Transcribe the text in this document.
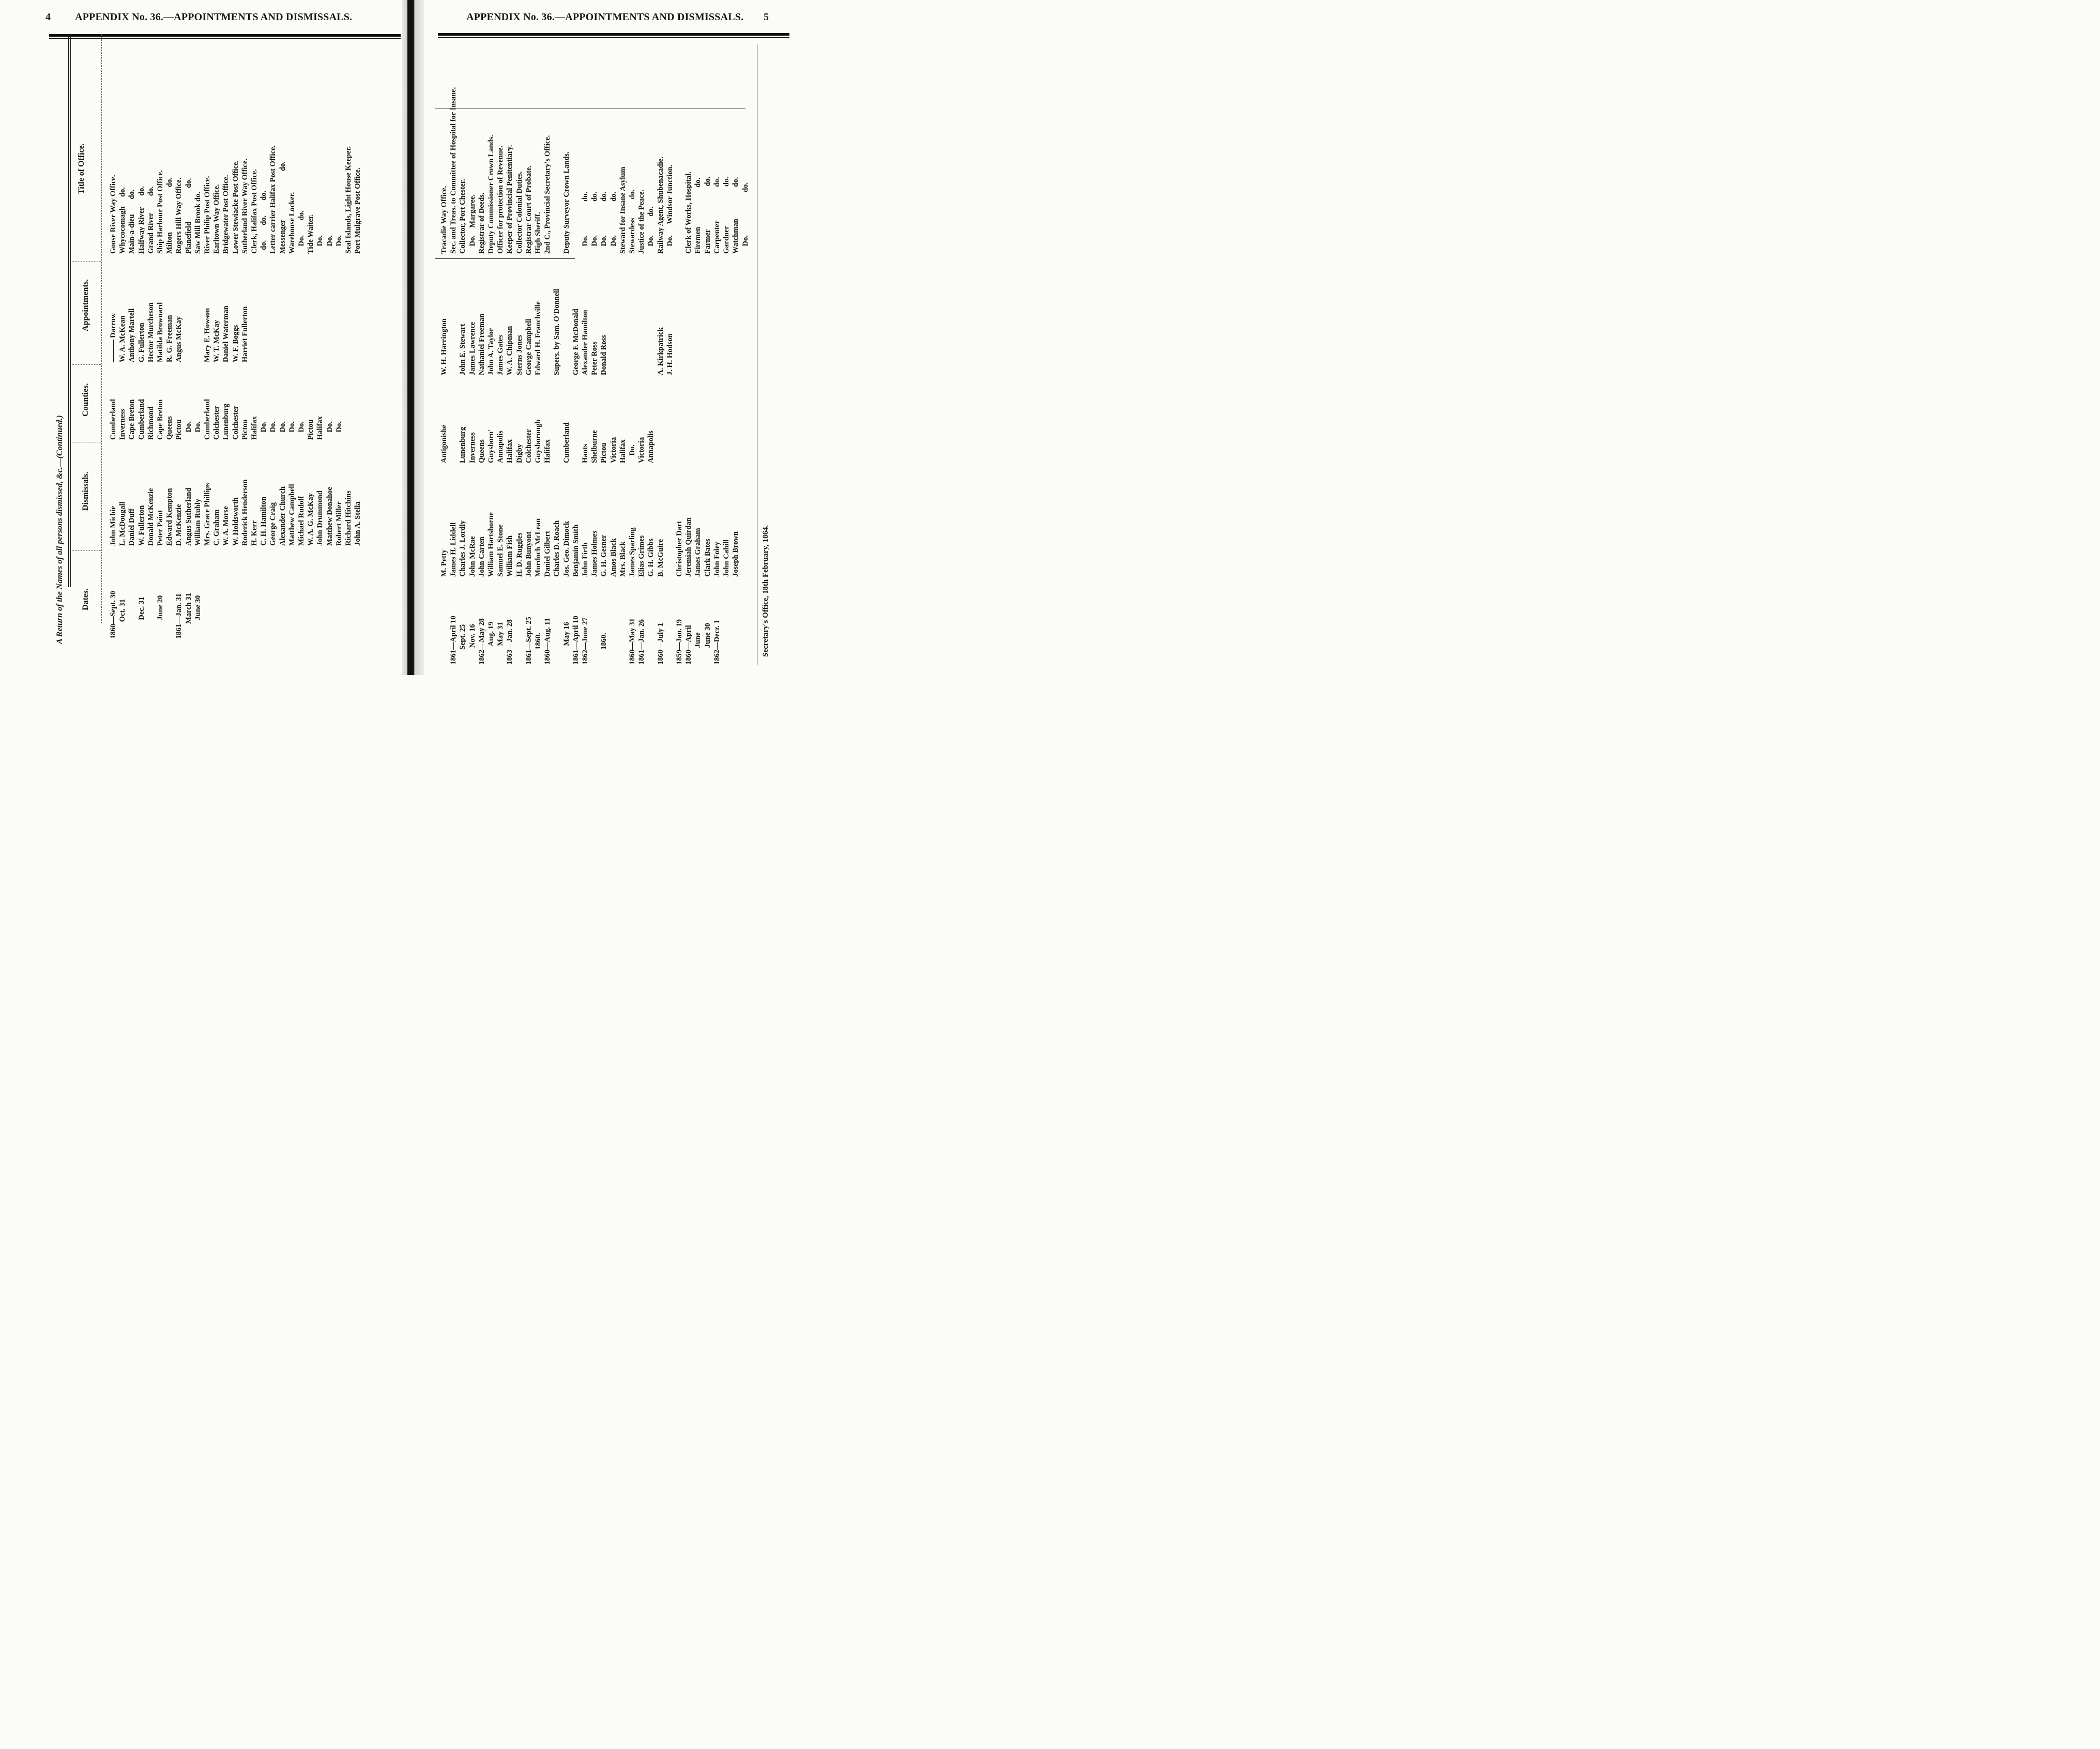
4 APPENDIX No. 36.—APPOINTMENTS AND DISMISSALS.
A Return of the Names of all persons dismissed, &c.—(Continued.) Dates.
Dismissals.
Counties.
Appointments.
Title of Office.
1860—Sept. 30
Oct. 31

Dec. 31

June 20

1861—Jan. 31
March 31
June 30
John Michie
L. McDougall
Daniel Duff
W. Fullerton
Donald McKenzie
Peter Paint
Edward Kempton
D. McKenzie
Angus Sutherland
William Rubly
Mrs. Grace Phillips
C. Graham
W. A. Morse
W. Holdsworth
Roderick Henderson
H. Kerr
C. H. Hamilton
George Craig
Alexander Church
Matthew Campbell
Michael Rudolf
W. A. G. McKay
John Drummond
Matthew Donahoe
Robert Miller
Richard Hitchins
John A. Stella
Cumberland
Inverness
Cape Breton
Cumberland
Richmond
Cape Breton
Queens
Pictou
Do.
Do.
Cumberland
Colchester
Lunenburg
Colchester
Pictou
Halifax
Do.
Do.
Do.
Do.
Do.
Pictou
Halifax
Do.
Do.
——— Darrow
W. A. McKean
Anthony Martell
G. Fullerton
Hector Murcheson
Matilda Brownard
R. G. Freeman
Angus McKay

Mary E. Howson
W. T. McKay
Daniel Waterman
W. F. Boggs
Harriet Fullerton
Goose River Way Office.
Whycocomagh     do.
Main-a-dieu        do.
Halfway River      do.
Grand River         do.
Ship Harbour Post Office.
Milton                        do.
Rogers Hill Way Office.
Planefield                  do.
Saw Mill Brook do.
River Philip Post Office.
Earltown Way Office.
Bridgewater Post Office.
Lower Stewiacke Post Office.
Sutherland River Way Office.
Clerk, Halifax Post Office.
do.        do.        do.
Letter carrier Halifax Post Office.
Messenger                          do.
Warehouse Locker.
Do.        do.
Tide Waiter.
Do.
Do.
Do.
Seal Islands, Light House Keeper.
Port Mulgrave Post Office.
APPENDIX No. 36.—APPOINTMENTS AND DISMISSALS. 5

1861—April 10
Sept. 25
Nov. 16
1862—May 28
Aug. 19
May 31
1863—Jan. 28

1861—Sept. 25
1860.
1860—Aug. 11

May 16
1861—April 10
1862—June 27

1860.

1860—May 31
1861—Jan. 26

1860—July 1

1859—Jan. 19
1860—April
June
June 30
1862—Decr. 1
M. Petty
James H. Liddell
Charles J. Lordly
John McRae
John Carten
William Hartshorne
Samuel E. Stone
William Fish
H. D. Ruggles
John Bunyont
Murdoch McLean
Daniel Gilbert
Charles D. Roach
Jos. Geo. Dimock
Benjamin Smith
John Firth
James Holmes
G. H. Gesner
Amos Black
Mrs. Black
James Sparling
Elias Grimes
G. H. Gibbs
B. McGuire

Christopher Dart
Jeremiah Quirdan
James Graham
Clark Bates
John Foley
John Cahill
Joseph Brown
Antigonishe

Lunenburg
Inverness
Queens
Guysboro'
Annapolis
Halifax
Digby
Colchester
Guysborough
Halifax

Cumberland

Hants
Shelburne
Pictou
Victoria
Halifax
Do.
Victoria
Annapolis
W. H. Harrington

John E. Stewart
James Lawrence
Nathaniel Freeman
John A. Taylor
James Gates
W. A. Chipman
Sterns Jones
George Campbell
Edward H. Franchville

Supers. by Sam. O'Donnell

George F. McDonald
Alexander Hamilton
Peter Ross
Donald Ross

A. Kirkpatrick
J. H. Hodson
Tracadie Way Office.
Sec. and Treas. to Committee of Hospital for Insane.
Collector, Port Chester.
Do.    Margaree.
Registrar of Deeds.
Deputy Commissioner Crown Lands.
Officer for protection of Revenue.
Keeper of Provincial Penitentiary.
Collector Colonial Duties.
Registrar Court of Probate.
High Sheriff.
2nd C., Provincial Secretary's Office.

Deputy Surveyor Crown Lands.

Do.                  do.
Do.                  do.
Do.                  do.
Do.                  do.
Steward for Insane Asylum
Stewardess          do.
Justice of the Peace.
Do.          do.
Railway Agent, Shubenacadie.
Do.      Windsor Junction.

Clerk of Works, Hospital.
Firemen                     do.
Farmer                       do.
Carpenter                  do.
Gardner                     do.
Watchman                 do.
Do.                       do.
Secretary's Office, 18th February, 1864.
